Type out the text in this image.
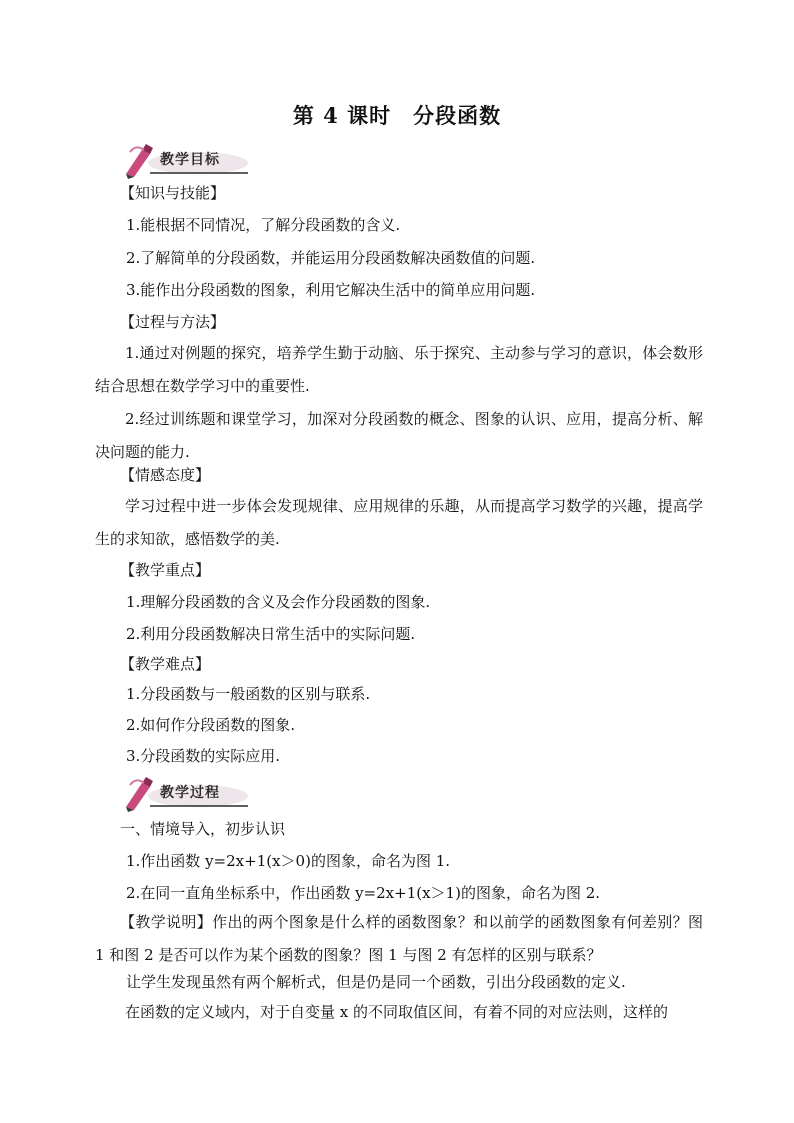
第 4 课时　分段函数
教学目标
【知识与技能】
1.能根据不同情况，了解分段函数的含义.
2.了解简单的分段函数，并能运用分段函数解决函数值的问题.
3.能作出分段函数的图象，利用它解决生活中的简单应用问题.
【过程与方法】
1.通过对例题的探究，培养学生勤于动脑、乐于探究、主动参与学习的意识，体会数形结合思想在数学学习中的重要性.
2.经过训练题和课堂学习，加深对分段函数的概念、图象的认识、应用，提高分析、解决问题的能力.
【情感态度】
学习过程中进一步体会发现规律、应用规律的乐趣，从而提高学习数学的兴趣，提高学生的求知欲，感悟数学的美.
【教学重点】
1.理解分段函数的含义及会作分段函数的图象.
2.利用分段函数解决日常生活中的实际问题.
【教学难点】
1.分段函数与一般函数的区别与联系.
2.如何作分段函数的图象.
3.分段函数的实际应用.
教学过程
一、情境导入，初步认识
1.作出函数 y=2x+1(x＞0)的图象，命名为图 1.
2.在同一直角坐标系中，作出函数 y=2x+1(x＞1)的图象，命名为图 2.
【教学说明】作出的两个图象是什么样的函数图象？和以前学的函数图象有何差别？图 1 和图 2 是否可以作为某个函数的图象？图 1 与图 2 有怎样的区别与联系？
让学生发现虽然有两个解析式，但是仍是同一个函数，引出分段函数的定义.
在函数的定义域内，对于自变量 x 的不同取值区间，有着不同的对应法则，这样的
